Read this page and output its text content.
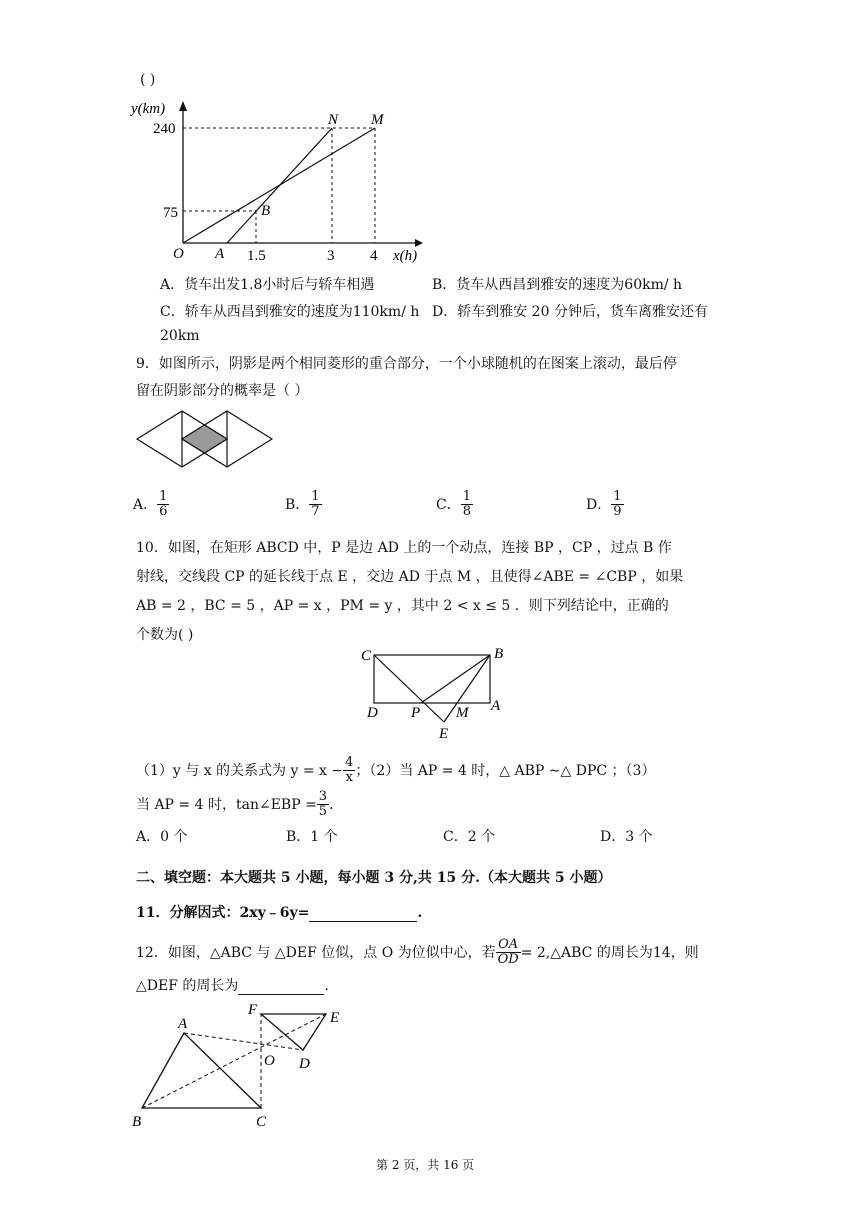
( )
y(km)
240
75
O A 1.5	3 4 x(h)
B
N M
A．货车出发1.8小时后与轿车相遇	B．货车从西昌到雅安的速度为60km/ h
C．轿车从西昌到雅安的速度为110km/ h D．轿车到雅安 20 分钟后，货车离雅安还有
20km
9．如图所示，阴影是两个相同菱形的重合部分，一个小球随机的在图案上滚动，最后停
留在阴影部分的概率是（ ）
A． $\frac{1}{6}$	B． $\frac{1}{7}$	C． $\frac{1}{8}$	D． $\frac{1}{9}$
10．如图，在矩形 ABCD 中，P 是边 AD 上的一个动点，连接 BP ，CP ，过点 B 作
射线，交线段 CP 的延长线于点 E ，交边 AD 于点 M ，且使得∠ABE = ∠CBP ，如果
AB = 2 ，BC = 5 ，AP = x ，PM = y ，其中 2 < x ≤ 5 ．则下列结论中，正确的
个数为( )
C	B
D P M A
E
（1）y 与 x 的关系式为 $y = x - \frac{4}{x}$ ；（2）当 AP = 4 时，△ ABP ∼△ DPC ；（3）
当 AP = 4 时，tan∠EBP = $\frac{3}{5}$ ．
A．0 个	B．1 个	C．2 个	D．3 个
二、填空题：本大题共 5 小题，每小题 3 分,共 15 分.（本大题共 5 小题）
11．分解因式：2xy﹣6y=	.
12．如图，△ABC 与 △DEF 位似，点 O 为位似中心，若 $\frac{OA}{OD}$ = 2,△ABC 的周长为14，则
△DEF 的周长为	.
A
B	C
D
E
F
O
第 2 页，共 16 页
